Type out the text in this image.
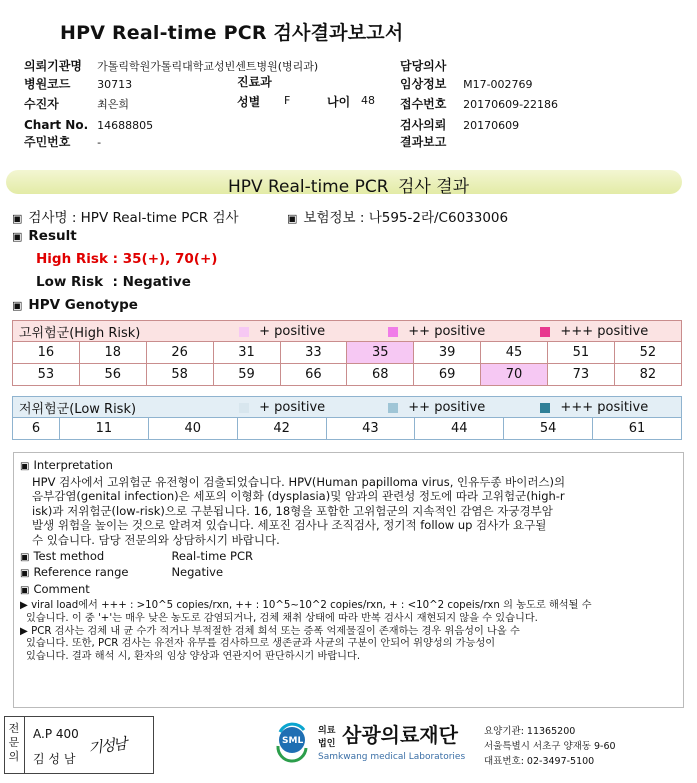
HPV Real-time PCR 검사결과보고서
의뢰기관명 가톨릭학원가톨릭대학교성빈센트병원(병리과)
병원코드 30713
수진자	최은희
Chart No. 14688805
주민번호 -
진료과
성별 F	나이 48
담당의사
임상정보 M17-002769
접수번호 20170609-22186
검사의뢰 20170609
결과보고
HPV Real-time PCR 검사 결과
▣ 검사명 : HPV Real-time PCR 검사	▣ 보험정보 : 나595-2라/C6033006
▣ Result
High Risk : 35(+), 70(+)
Low Risk  : Negative
▣ HPV Genotype
고위험군(High Risk) + positive
++ positive
+++ positive									

16	18	26	31	33	35	39	45	51	52
53	56	58	59	66	68	69	70	73	82
저위험군(Low Risk)	+ positive
	++ positive
	+++ positive

6	11	40	42	43	44	54	61
▣ Interpretation
HPV 검사에서 고위험군 유전형이 검출되었습니다. HPV(Human papilloma virus, 인유두종 바이러스)의
음부감염(genital infection)은 세포의 이형화 (dysplasia)및 암과의 관련성 정도에 따라 고위험군(high-r
isk)과 저위험군(low-risk)으로 구분됩니다. 16, 18형을 포함한 고위험군의 지속적인 감염은 자궁경부암
발생 위험을 높이는 것으로 알려져 있습니다. 세포진 검사나 조직검사, 정기적 follow up 검사가 요구될
수 있습니다. 담당 전문의와 상담하시기 바랍니다.
▣ Test method	Real-time PCR
▣ Reference range	Negative
▣ Comment
▶ viral load에서 +++ : >10^5 copies/rxn, ++ : 10^5~10^2 copies/rxn, + : <10^2 copeis/rxn 의 농도로 해석될 수
있습니다. 이 중 '+'는 매우 낮은 농도로 감염되거나, 검체 채취 상태에 따라 반복 검사시 재현되지 않을 수 있습니다.
▶ PCR 검사는 검체 내 균 수가 적거나 부적절한 검체 희석 또는 증폭 억제물질이 존재하는 경우 위음성이 나올 수
있습니다. 또한, PCR 검사는 유전자 유무를 검사하므로 생존균과 사균의 구분이 안되어 위양성의 가능성이
있습니다. 결과 해석 시, 환자의 임상 양상과 연관지어 판단하시기 바랍니다.
전문의
A.P 400
김 성 남
기성남	SML
의료
법인 삼광의료재단
Samkwang medical Laboratories
요양기관: 11365200
서울특별시 서초구 양재동 9-60
대표번호: 02-3497-5100
